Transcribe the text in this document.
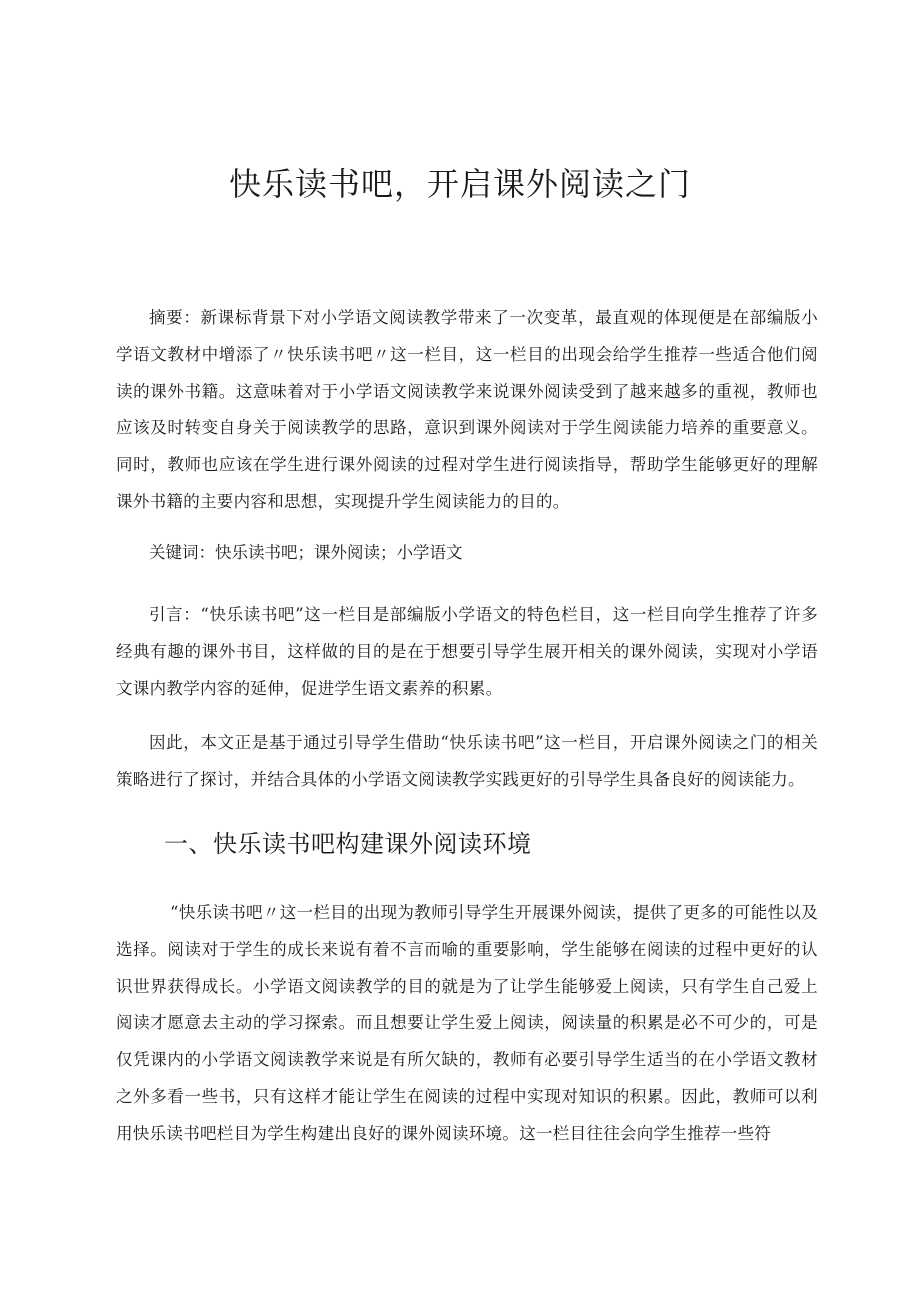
快乐读书吧，开启课外阅读之门

摘要：新课标背景下对小学语文阅读教学带来了一次变革，最直观的体现便是在部编版小学语文教材中增添了〃快乐读书吧〃这一栏目，这一栏目的出现会给学生推荐一些适合他们阅读的课外书籍。这意味着对于小学语文阅读教学来说课外阅读受到了越来越多的重视，教师也应该及时转变自身关于阅读教学的思路，意识到课外阅读对于学生阅读能力培养的重要意义。同时，教师也应该在学生进行课外阅读的过程对学生进行阅读指导，帮助学生能够更好的理解课外书籍的主要内容和思想，实现提升学生阅读能力的目的。

关键词：快乐读书吧；课外阅读；小学语文

引言：“快乐读书吧”这一栏目是部编版小学语文的特色栏目，这一栏目向学生推荐了许多经典有趣的课外书目，这样做的目的是在于想要引导学生展开相关的课外阅读，实现对小学语文课内教学内容的延伸，促进学生语文素养的积累。

因此，本文正是基于通过引导学生借助“快乐读书吧”这一栏目，开启课外阅读之门的相关策略进行了探讨，并结合具体的小学语文阅读教学实践更好的引导学生具备良好的阅读能力。

一、快乐读书吧构建课外阅读环境

“快乐读书吧〃这一栏目的出现为教师引导学生开展课外阅读，提供了更多的可能性以及选择。阅读对于学生的成长来说有着不言而喻的重要影响，学生能够在阅读的过程中更好的认识世界获得成长。小学语文阅读教学的目的就是为了让学生能够爱上阅读，只有学生自己爱上阅读才愿意去主动的学习探索。而且想要让学生爱上阅读，阅读量的积累是必不可少的，可是仅凭课内的小学语文阅读教学来说是有所欠缺的，教师有必要引导学生适当的在小学语文教材之外多看一些书，只有这样才能让学生在阅读的过程中实现对知识的积累。因此，教师可以利用快乐读书吧栏目为学生构建出良好的课外阅读环境。这一栏目往往会向学生推荐一些符
